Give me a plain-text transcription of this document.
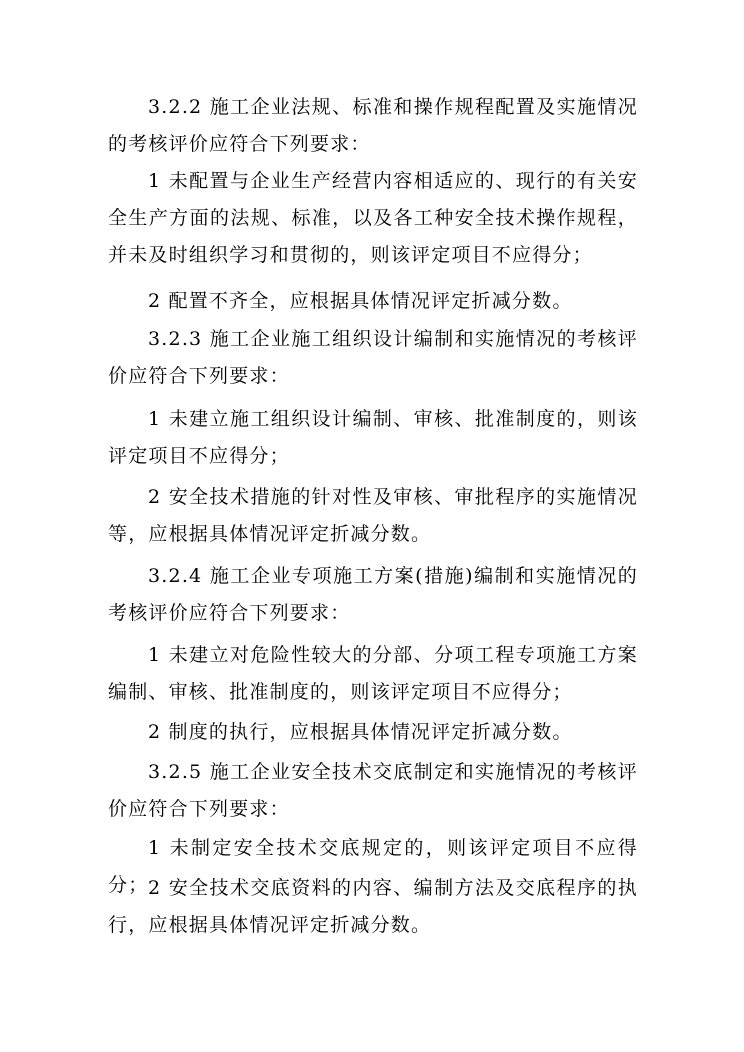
3.2.2 施工企业法规、标准和操作规程配置及实施情况的考核评价应符合下列要求：

1 未配置与企业生产经营内容相适应的、现行的有关安全生产方面的法规、标准，以及各工种安全技术操作规程，并未及时组织学习和贯彻的，则该评定项目不应得分；

2 配置不齐全，应根据具体情况评定折减分数。

3.2.3 施工企业施工组织设计编制和实施情况的考核评价应符合下列要求：

1 未建立施工组织设计编制、审核、批准制度的，则该评定项目不应得分；

2 安全技术措施的针对性及审核、审批程序的实施情况等，应根据具体情况评定折减分数。

3.2.4 施工企业专项施工方案(措施)编制和实施情况的考核评价应符合下列要求：

1 未建立对危险性较大的分部、分项工程专项施工方案编制、审核、批准制度的，则该评定项目不应得分；

2 制度的执行，应根据具体情况评定折减分数。

3.2.5 施工企业安全技术交底制定和实施情况的考核评价应符合下列要求：

1 未制定安全技术交底规定的，则该评定项目不应得分； 2 安全技术交底资料的内容、编制方法及交底程序的执行，应根据具体情况评定折减分数。
